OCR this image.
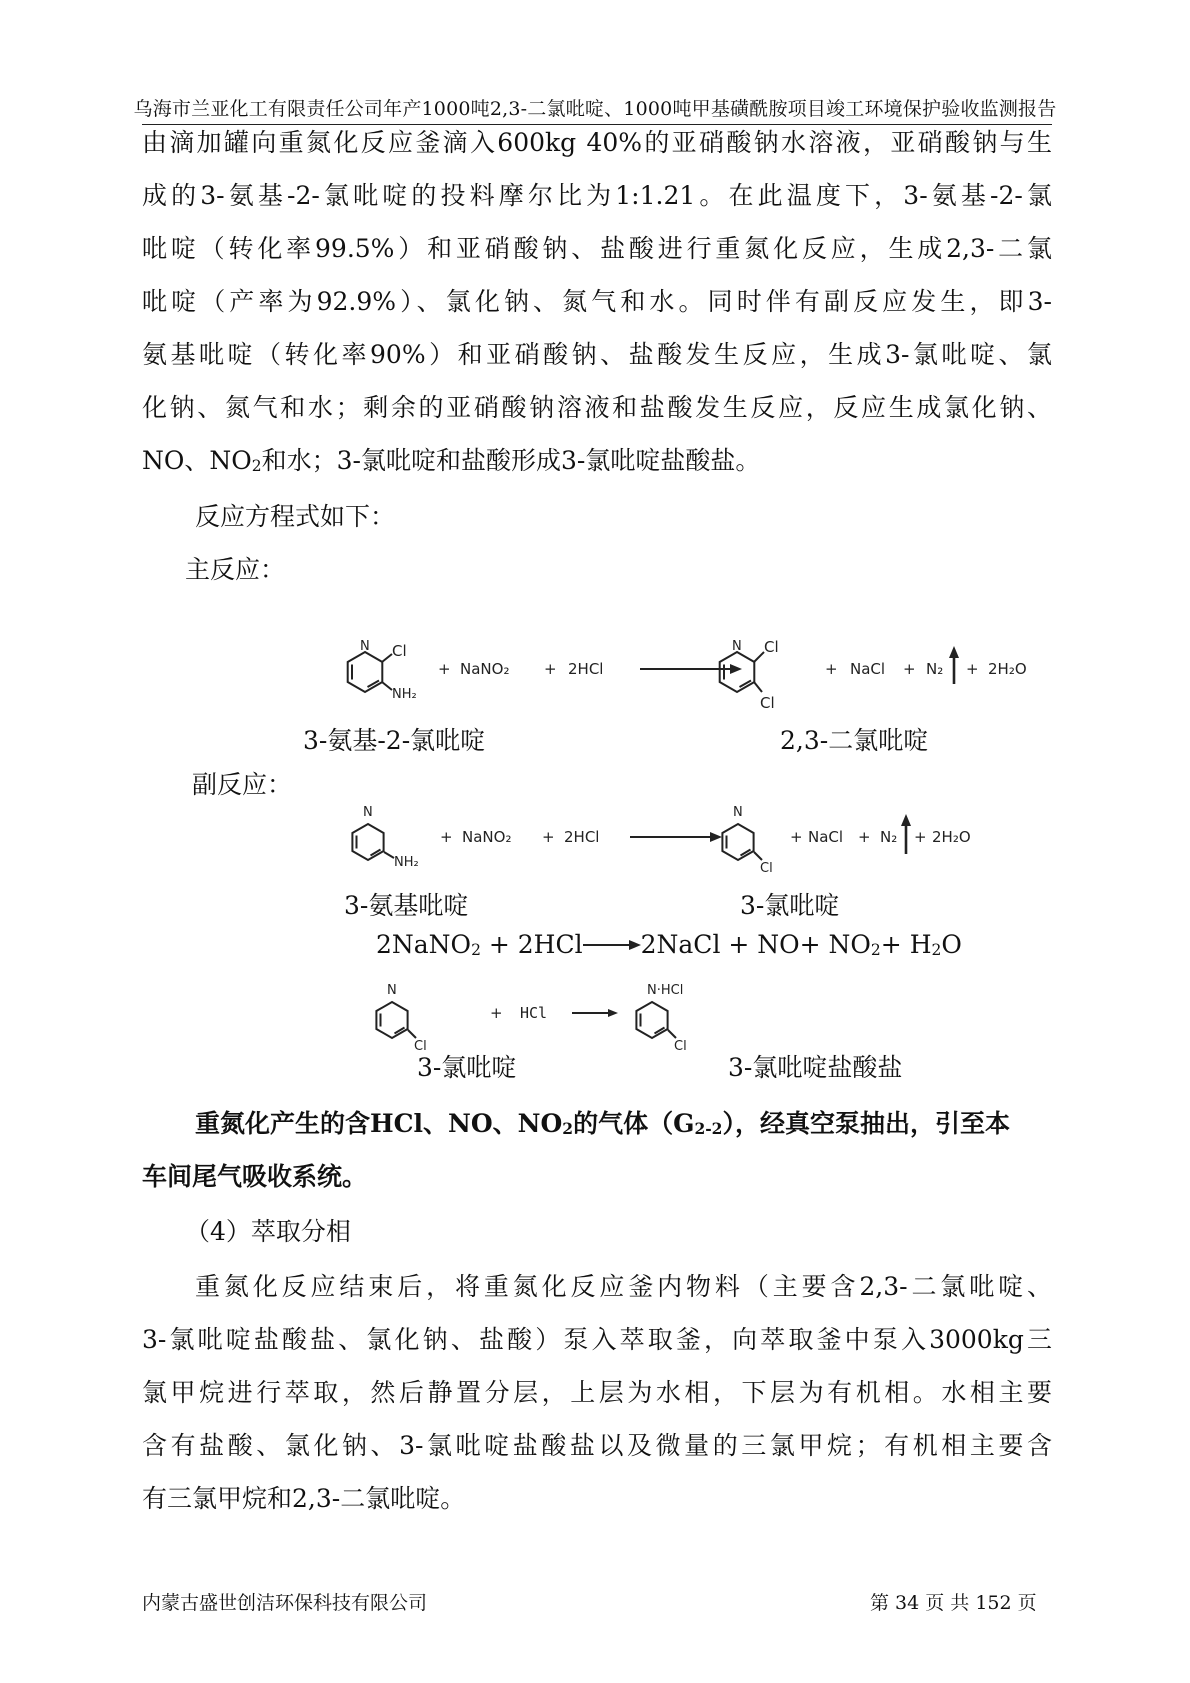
乌海市兰亚化工有限责任公司年产1000吨2,3-二氯吡啶、1000吨甲基磺酰胺项目竣工环境保护验收监测报告
由滴加罐向重氮化反应釜滴入600kg 40%的亚硝酸钠水溶液，亚硝酸钠与生
成的3-氨基-2-氯吡啶的投料摩尔比为1:1.21。在此温度下，3-氨基-2-氯
吡啶（转化率99.5%）和亚硝酸钠、盐酸进行重氮化反应，生成2,3-二氯
吡啶（产率为92.9%）、氯化钠、氮气和水。同时伴有副反应发生，即3-
氨基吡啶（转化率90%）和亚硝酸钠、盐酸发生反应，生成3-氯吡啶、氯
化钠、氮气和水；剩余的亚硝酸钠溶液和盐酸发生反应，反应生成氯化钠、
NO、$NO_2$和水；3-氯吡啶和盐酸形成3-氯吡啶盐酸盐。
反应方程式如下：
主反应：
N Cl
NH₂
+ NaNO₂ + 2HCl
N Cl
Cl
+ NaCl + N₂ + 2H₂O
3-氨基-2-氯吡啶	2,3-二氯吡啶
副反应：
N
NH₂
+ NaNO₂ + 2HCl
N
Cl
+ NaCl + N₂ + 2H₂O
3-氨基吡啶	3-氯吡啶
2NaNO$_2$ + 2HCl 2NaCl + $NO+ NO_2+ H_2O$
N
Cl
+ HCl
N·HCl
Cl
3-氯吡啶	3-氯吡啶盐酸盐
重氮化产生的含HCl、NO、$NO_2$的气体$(G_{2-2})$，经真空泵抽出，引至本
车间尾气吸收系统。
（4）萃取分相
重氮化反应结束后，将重氮化反应釜内物料（主要含2,3-二氯吡啶、
3-氯吡啶盐酸盐、氯化钠、盐酸）泵入萃取釜，向萃取釜中泵入3000kg三
氯甲烷进行萃取，然后静置分层，上层为水相，下层为有机相。水相主要
含有盐酸、氯化钠、3-氯吡啶盐酸盐以及微量的三氯甲烷；有机相主要含
有三氯甲烷和2,3-二氯吡啶。
内蒙古盛世创洁环保科技有限公司	第 34 页 共 152 页
